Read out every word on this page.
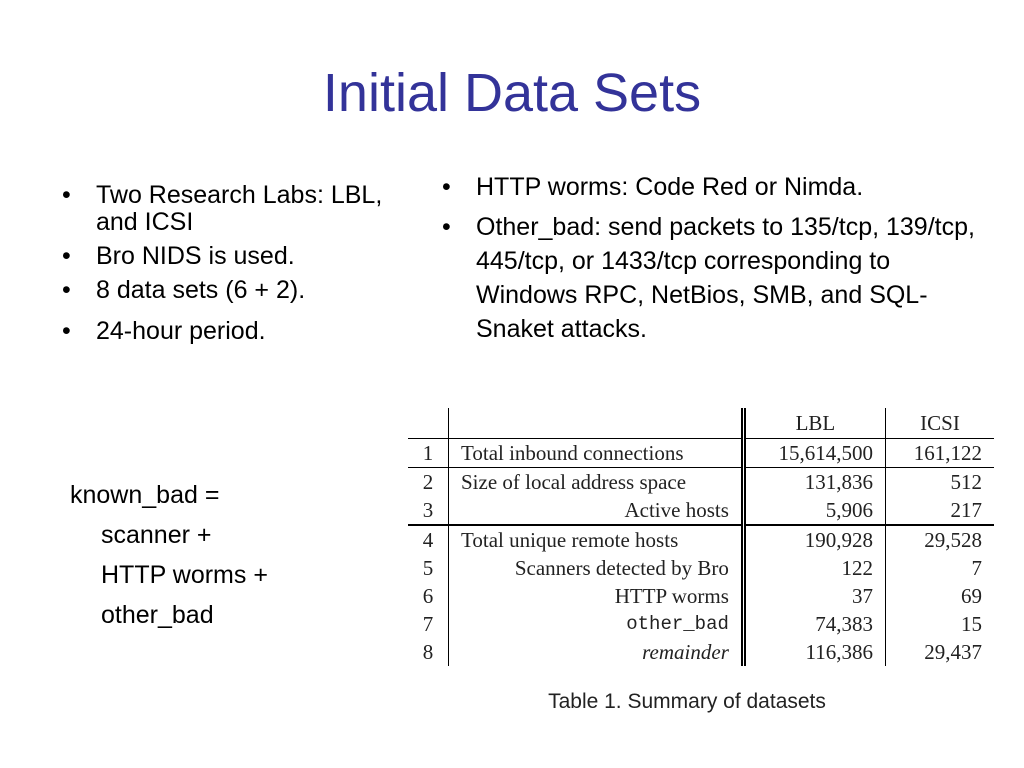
Initial Data Sets
• Two Research Labs: LBL, and ICSI
• Bro NIDS is used.
• 8 data sets (6 + 2).
• 24-hour period.
• HTTP worms: Code Red or Nimda.
• Other_bad: send packets to 135/tcp, 139/tcp, 445/tcp, or 1433/tcp corresponding to Windows RPC, NetBios, SMB, and SQL-Snaket attacks.
known_bad =
scanner +
HTTP worms +
other_bad
		LBL	ICSI
1	Total inbound connections	15,614,500	161,122
2	Size of local address space	131,836	512
3	Active hosts	5,906	217
4	Total unique remote hosts	190,928	29,528
5	Scanners detected by Bro	122	7
6	HTTP worms	37	69
7	other_bad	74,383	15
8	remainder	116,386	29,437
Table 1. Summary of datasets
